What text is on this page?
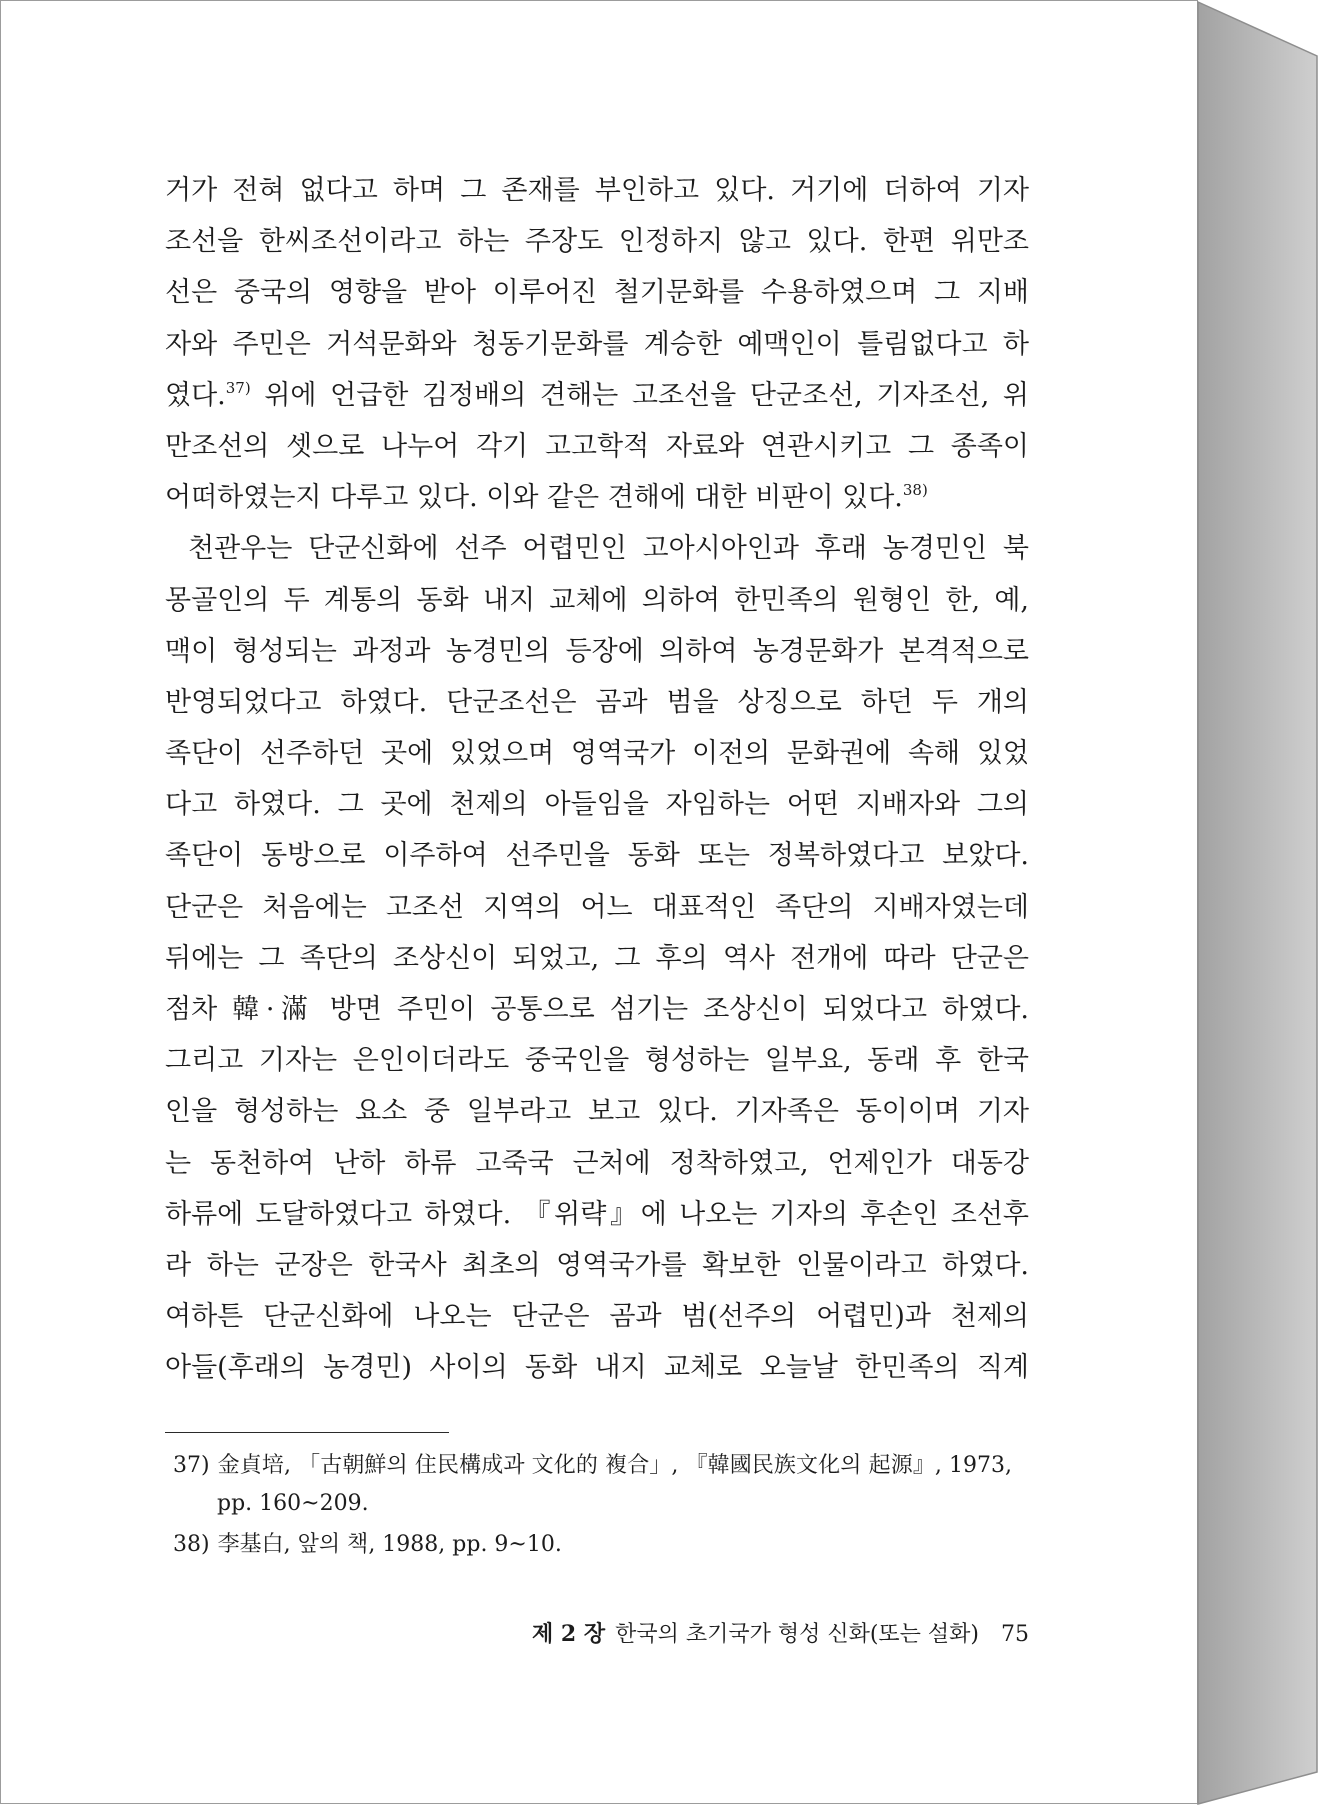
거가 전혀 없다고 하며 그 존재를 부인하고 있다. 거기에 더하여 기자
조선을 한씨조선이라고 하는 주장도 인정하지 않고 있다. 한편 위만조
선은 중국의 영향을 받아 이루어진 철기문화를 수용하였으며 그 지배
자와 주민은 거석문화와 청동기문화를 계승한 예맥인이 틀림없다고 하
였다.$^{37)}$ 위에 언급한 김정배의 견해는 고조선을 단군조선, 기자조선, 위
만조선의 셋으로 나누어 각기 고고학적 자료와 연관시키고 그 종족이
어떠하였는지 다루고 있다. 이와 같은 견해에 대한 비판이 있다.$^{38)}$
천관우는 단군신화에 선주 어렵민인 고아시아인과 후래 농경민인 북
몽골인의 두 계통의 동화 내지 교체에 의하여 한민족의 원형인 한, 예,
맥이 형성되는 과정과 농경민의 등장에 의하여 농경문화가 본격적으로
반영되었다고 하였다. 단군조선은 곰과 범을 상징으로 하던 두 개의
족단이 선주하던 곳에 있었으며 영역국가 이전의 문화권에 속해 있었
다고 하였다. 그 곳에 천제의 아들임을 자임하는 어떤 지배자와 그의
족단이 동방으로 이주하여 선주민을 동화 또는 정복하였다고 보았다.
단군은 처음에는 고조선 지역의 어느 대표적인 족단의 지배자였는데
뒤에는 그 족단의 조상신이 되었고, 그 후의 역사 전개에 따라 단군은
점차 韓·滿 방면 주민이 공통으로 섬기는 조상신이 되었다고 하였다.
그리고 기자는 은인이더라도 중국인을 형성하는 일부요, 동래 후 한국
인을 형성하는 요소 중 일부라고 보고 있다. 기자족은 동이이며 기자
는 동천하여 난하 하류 고죽국 근처에 정착하였고, 언제인가 대동강
하류에 도달하였다고 하였다. 『위략』에 나오는 기자의 후손인 조선후
라 하는 군장은 한국사 최초의 영역국가를 확보한 인물이라고 하였다.
여하튼 단군신화에 나오는 단군은 곰과 범(선주의 어렵민)과 천제의
아들(후래의 농경민) 사이의 동화 내지 교체로 오늘날 한민족의 직계
37) 金貞培, 「古朝鮮의 住民構成과 文化的 複合」, 『韓國民族文化의 起源』, 1973,
pp. 160~209.
38) 李基白, 앞의 책, 1988, pp. 9~10.
제 2 장 한국의 초기국가 형성 신화(또는 설화) 75
